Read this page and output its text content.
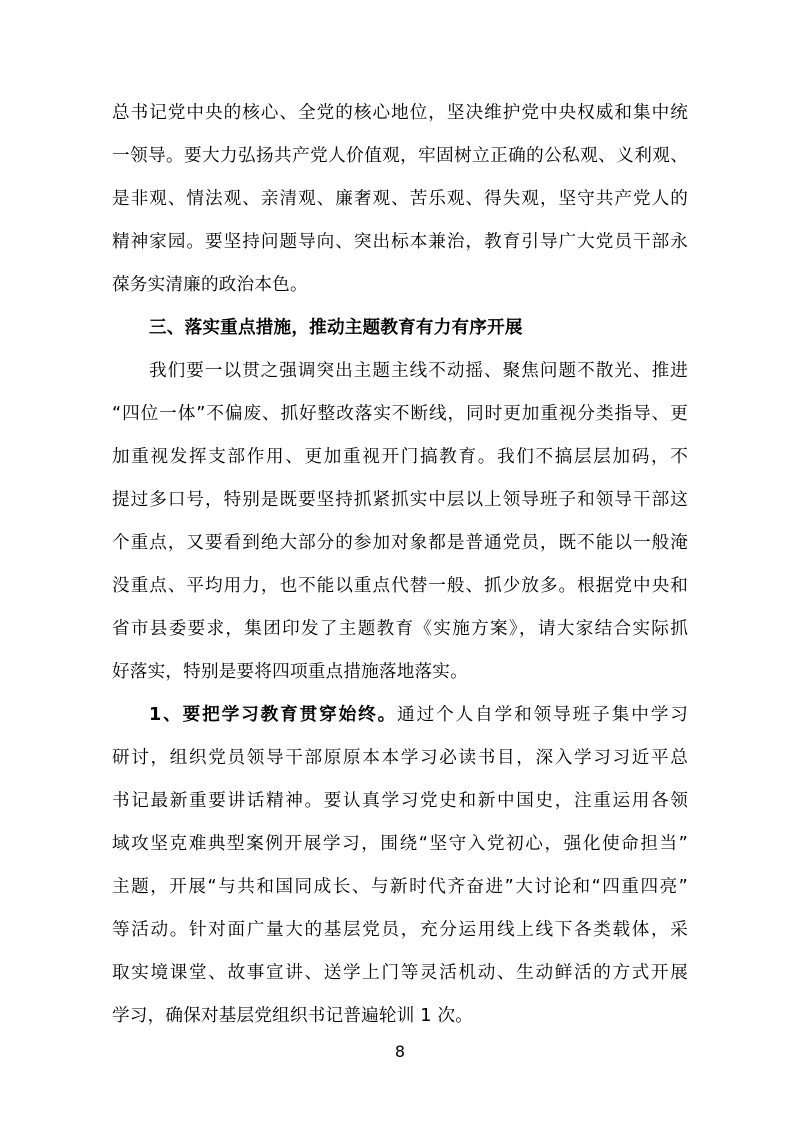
总书记党中央的核心、全党的核心地位，坚决维护党中央权威和集中统
一领导。要大力弘扬共产党人价值观，牢固树立正确的公私观、义利观、
是非观、情法观、亲清观、廉奢观、苦乐观、得失观，坚守共产党人的
精神家园。要坚持问题导向、突出标本兼治，教育引导广大党员干部永
葆务实清廉的政治本色。
三、落实重点措施，推动主题教育有力有序开展
我们要一以贯之强调突出主题主线不动摇、聚焦问题不散光、推进
“四位一体”不偏废、抓好整改落实不断线，同时更加重视分类指导、更
加重视发挥支部作用、更加重视开门搞教育。我们不搞层层加码，不
提过多口号，特别是既要坚持抓紧抓实中层以上领导班子和领导干部这
个重点，又要看到绝大部分的参加对象都是普通党员，既不能以一般淹
没重点、平均用力，也不能以重点代替一般、抓少放多。根据党中央和
省市县委要求，集团印发了主题教育《实施方案》，请大家结合实际抓
好落实，特别是要将四项重点措施落地落实。
1、要把学习教育贯穿始终。通过个人自学和领导班子集中学习
研讨，组织党员领导干部原原本本学习必读书目，深入学习习近平总
书记最新重要讲话精神。要认真学习党史和新中国史，注重运用各领
域攻坚克难典型案例开展学习，围绕“坚守入党初心，强化使命担当”
主题，开展“与共和国同成长、与新时代齐奋进”大讨论和“四重四亮”
等活动。针对面广量大的基层党员，充分运用线上线下各类载体，采
取实境课堂、故事宣讲、送学上门等灵活机动、生动鲜活的方式开展
学习，确保对基层党组织书记普遍轮训 1 次。
8
